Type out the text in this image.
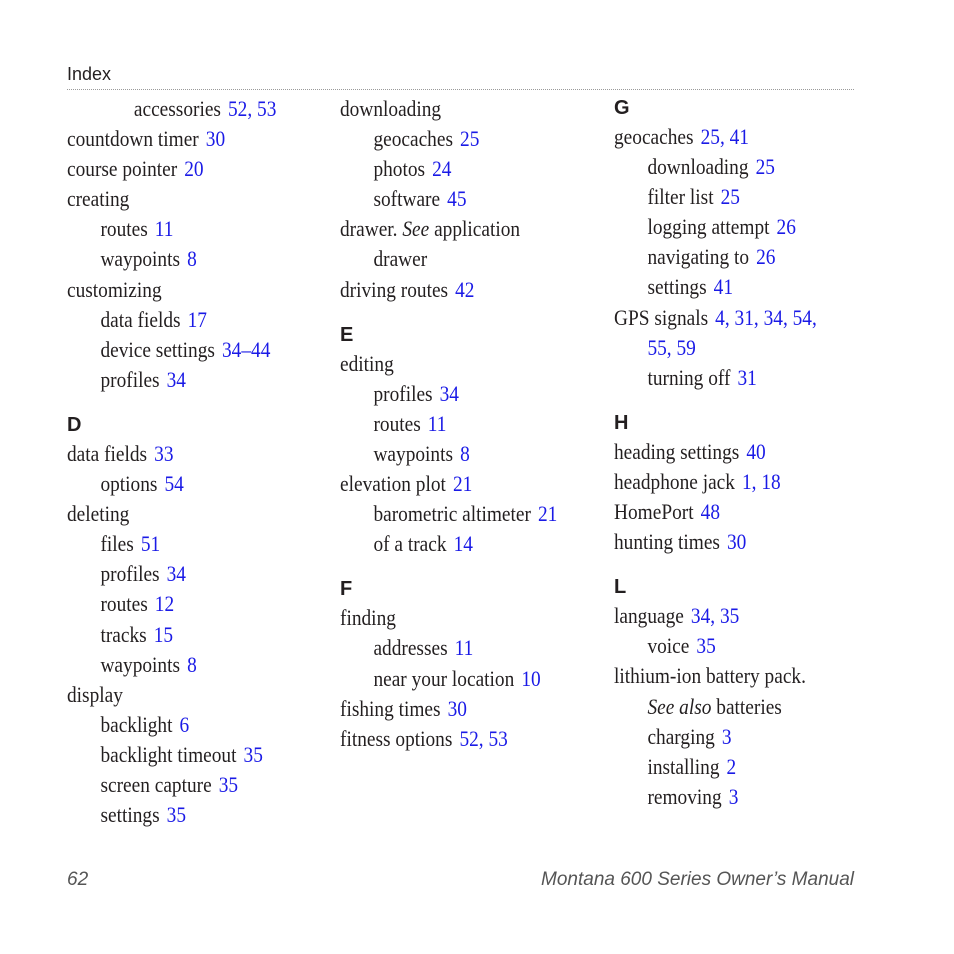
Index
accessories 52, 53
countdown timer 30
course pointer 20
creating
routes 11
waypoints 8
customizing
data fields 17
device settings 34–44
profiles 34
D
data fields 33
options 54
deleting
files 51
profiles 34
routes 12
tracks 15
waypoints 8
display
backlight 6
backlight timeout 35
screen capture 35
settings 35
downloading
geocaches 25
photos 24
software 45
drawer. See application
drawer
driving routes 42
E
editing
profiles 34
routes 11
waypoints 8
elevation plot 21
barometric altimeter 21
of a track 14
F
finding
addresses 11
near your location 10
fishing times 30
fitness options 52, 53
G
geocaches 25, 41
downloading 25
filter list 25
logging attempt 26
navigating to 26
settings 41
GPS signals 4, 31, 34, 54,
55, 59
turning off 31
H
heading settings 40
headphone jack 1, 18
HomePort 48
hunting times 30
L
language 34, 35
voice 35
lithium-ion battery pack.
See also batteries
charging 3
installing 2
removing 3
62	Montana 600 Series Owner’s Manual
